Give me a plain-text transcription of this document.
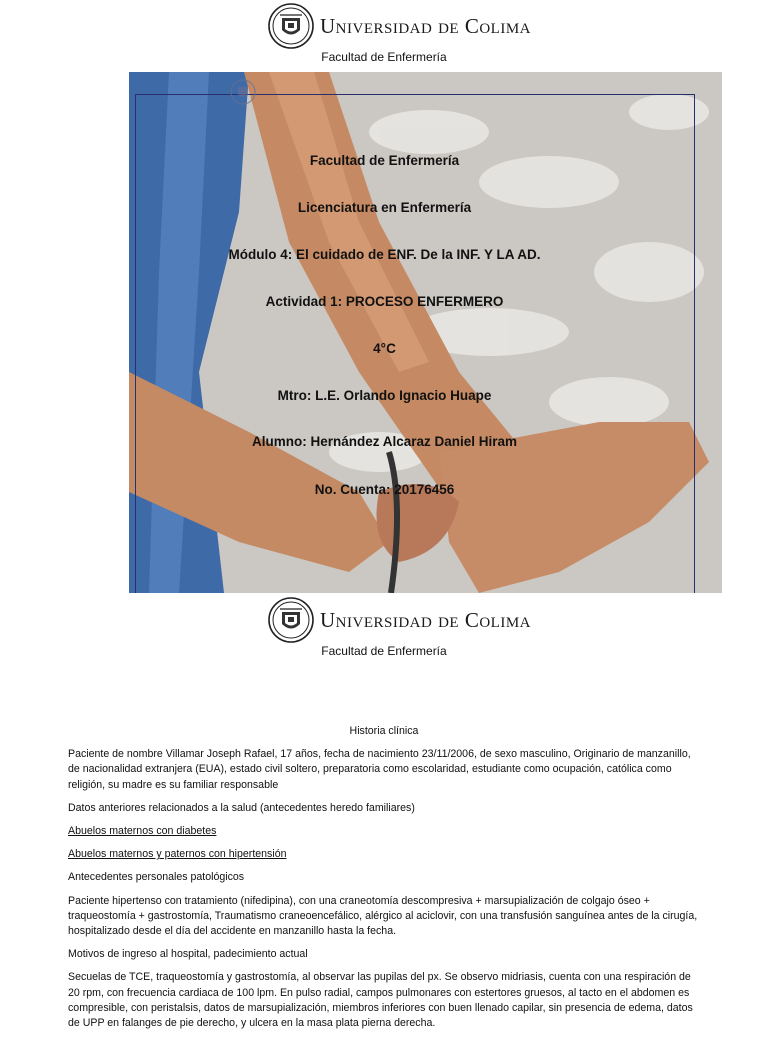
Universidad de Colima
Facultad de Enfermería
Facultad de Enfermería
Licenciatura en Enfermería
Módulo 4: El cuidado de ENF. De la INF. Y LA AD.
Actividad 1: PROCESO ENFERMERO
4°C
Mtro: L.E. Orlando Ignacio Huape
Alumno: Hernández Alcaraz Daniel Hiram
No. Cuenta: 20176456
Universidad de Colima
Facultad de Enfermería

Historia clínica

Paciente de nombre Villamar Joseph Rafael, 17 años, fecha de nacimiento 23/11/2006, de sexo masculino, Originario de manzanillo, de nacionalidad extranjera (EUA), estado civil soltero, preparatoria como escolaridad, estudiante como ocupación, católica como religión, su madre es su familiar responsable

Datos anteriores relacionados a la salud (antecedentes heredo familiares)

Abuelos maternos con diabetes

Abuelos maternos y paternos con hipertensión

Antecedentes personales patológicos

Paciente hipertenso con tratamiento (nifedipina), con una craneotomía descompresiva + marsupialización de colgajo óseo + traqueostomía + gastrostomía, Traumatismo craneoencefálico, alérgico al aciclovir, con una transfusión sanguínea antes de la cirugía, hospitalizado desde el día del accidente en manzanillo hasta la fecha.

Motivos de ingreso al hospital, padecimiento actual

Secuelas de TCE, traqueostomía y gastrostomía, al observar las pupilas del px. Se observo midriasis, cuenta con una respiración de 20 rpm, con frecuencia cardiaca de 100 lpm. En pulso radial, campos pulmonares con estertores gruesos, al tacto en el abdomen es compresible, con peristalsis, datos de marsupialización, miembros inferiores con buen llenado capilar, sin presencia de edema, datos de UPP en falanges de pie derecho, y ulcera en la masa plata pierna derecha.
